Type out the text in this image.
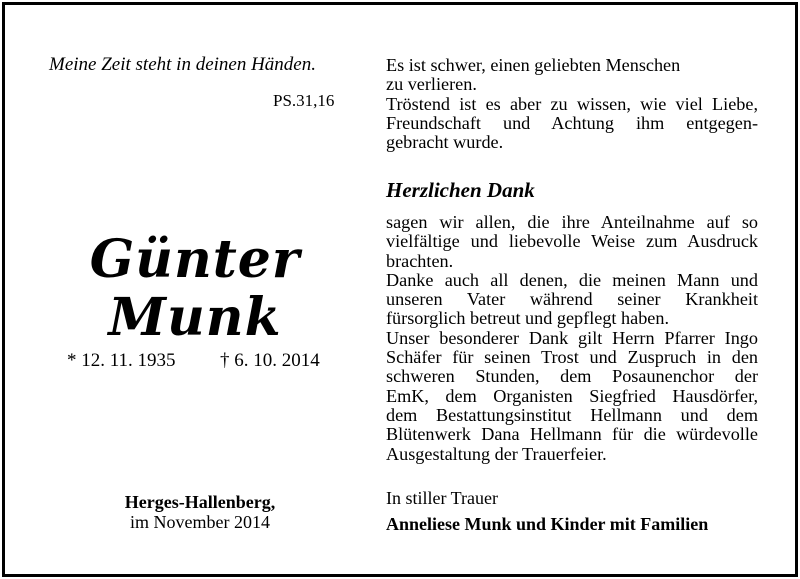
Meine Zeit steht in deinen Händen.
PS.31,16
Günter
Munk
* 12. 11. 1935 † 6. 10. 2014
Herges-Hallenberg,
im November 2014
Es ist schwer, einen geliebten Menschen
zu verlieren.
Tröstend ist es aber zu wissen, wie viel Liebe,
Freundschaft und Achtung ihm entgegen-
gebracht wurde.
Herzlichen Dank
sagen wir allen, die ihre Anteilnahme auf so
vielfältige und liebevolle Weise zum Ausdruck
brachten.
Danke auch all denen, die meinen Mann und
unseren Vater während seiner Krankheit
fürsorglich betreut und gepflegt haben.
Unser besonderer Dank gilt Herrn Pfarrer Ingo
Schäfer für seinen Trost und Zuspruch in den
schweren Stunden, dem Posaunenchor der
EmK, dem Organisten Siegfried Hausdörfer,
dem Bestattungsinstitut Hellmann und dem
Blütenwerk Dana Hellmann für die würdevolle
Ausgestaltung der Trauerfeier.
In stiller Trauer
Anneliese Munk und Kinder mit Familien
